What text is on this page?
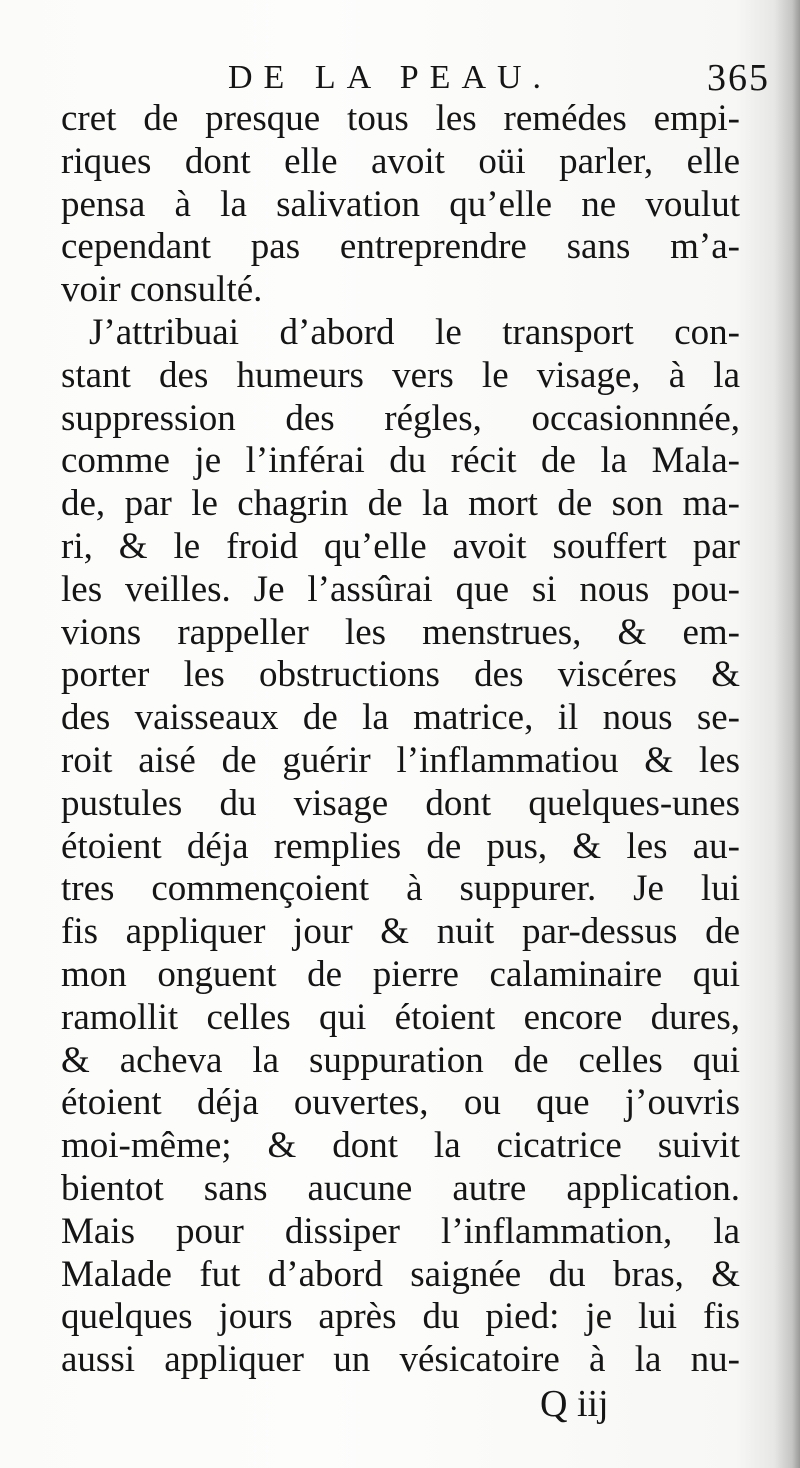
DE LA PEAU.	365
cret de presque tous les remédes empi-
riques dont elle avoit oüi parler, elle
pensa à la salivation qu’elle ne voulut
cependant pas entreprendre sans m’a-
voir consulté.
J’attribuai d’abord le transport con-
stant des humeurs vers le visage, à la
suppression des régles, occasionnnée,
comme je l’inférai du récit de la Mala-
de, par le chagrin de la mort de son ma-
ri, & le froid qu’elle avoit souffert par
les veilles. Je l’assûrai que si nous pou-
vions rappeller les menstrues, & em-
porter les obstructions des viscéres &
des vaisseaux de la matrice, il nous se-
roit aisé de guérir l’inflammatiou & les
pustules du visage dont quelques-unes
étoient déja remplies de pus, & les au-
tres commençoient à suppurer. Je lui
fis appliquer jour & nuit par-dessus de
mon onguent de pierre calaminaire qui
ramollit celles qui étoient encore dures,
& acheva la suppuration de celles qui
étoient déja ouvertes, ou que j’ouvris
moi-même; & dont la cicatrice suivit
bientot sans aucune autre application.
Mais pour dissiper l’inflammation, la
Malade fut d’abord saignée du bras, &
quelques jours après du pied: je lui fis
aussi appliquer un vésicatoire à la nu-
Q iij
